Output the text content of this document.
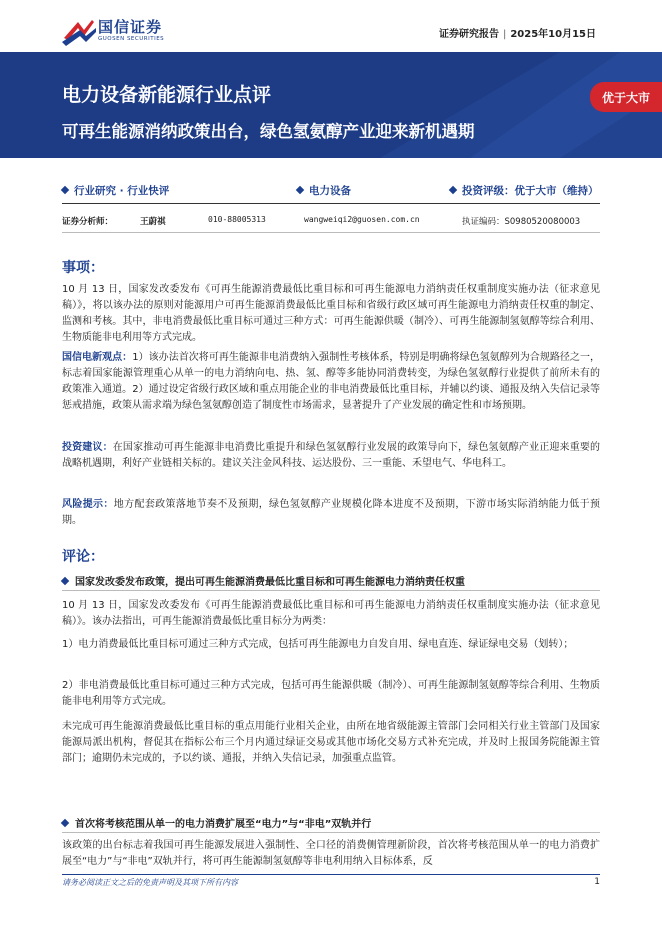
国信证券
GUOSEN SECURITIES	证券研究报告 | 2025年10月15日
电力设备新能源行业点评
可再生能源消纳政策出台，绿色氢氨醇产业迎来新机遇期
优于大市
行业研究 · 行业快评	电力设备	投资评级：优于大市（维持）
证券分析师：	王蔚祺	010-88005313	wangweiqi2@guosen.com.cn	执证编码：S0980520080003
事项：
10 月 13 日，国家发改委发布《可再生能源消费最低比重目标和可再生能源电力消纳责任权重制度实施办法（征求意见稿）》，将以该办法的原则对能源用户可再生能源消费最低比重目标和省级行政区域可再生能源电力消纳责任权重的制定、监测和考核。其中，非电消费最低比重目标可通过三种方式：可再生能源供暖（制冷）、可再生能源制氢氨醇等综合利用、生物质能非电利用等方式完成。
国信电新观点：1）该办法首次将可再生能源非电消费纳入强制性考核体系，特别是明确将绿色氢氨醇列为合规路径之一，标志着国家能源管理重心从单一的电力消纳向电、热、氢、醇等多能协同消费转变，为绿色氢氨醇行业提供了前所未有的政策准入通道。2）通过设定省级行政区域和重点用能企业的非电消费最低比重目标，并辅以约谈、通报及纳入失信记录等惩戒措施，政策从需求端为绿色氢氨醇创造了制度性市场需求，显著提升了产业发展的确定性和市场预期。
投资建议：在国家推动可再生能源非电消费比重提升和绿色氢氨醇行业发展的政策导向下，绿色氢氨醇产业正迎来重要的战略机遇期，利好产业链相关标的。建议关注金风科技、运达股份、三一重能、禾望电气、华电科工。
风险提示：地方配套政策落地节奏不及预期，绿色氢氨醇产业规模化降本进度不及预期，下游市场实际消纳能力低于预期。
评论：
国家发改委发布政策，提出可再生能源消费最低比重目标和可再生能源电力消纳责任权重
10 月 13 日，国家发改委发布《可再生能源消费最低比重目标和可再生能源电力消纳责任权重制度实施办法（征求意见稿）》。该办法指出，可再生能源消费最低比重目标分为两类：
1）电力消费最低比重目标可通过三种方式完成，包括可再生能源电力自发自用、绿电直连、绿证绿电交易（划转）；
2）非电消费最低比重目标可通过三种方式完成，包括可再生能源供暖（制冷）、可再生能源制氢氨醇等综合利用、生物质能非电利用等方式完成。
未完成可再生能源消费最低比重目标的重点用能行业相关企业，由所在地省级能源主管部门会同相关行业主管部门及国家能源局派出机构，督促其在指标公布三个月内通过绿证交易或其他市场化交易方式补充完成，并及时上报国务院能源主管部门；逾期仍未完成的，予以约谈、通报，并纳入失信记录，加强重点监管。
首次将考核范围从单一的电力消费扩展至“电力”与“非电”双轨并行
该政策的出台标志着我国可再生能源发展进入强制性、全口径的消费侧管理新阶段，首次将考核范围从单一的电力消费扩展至“电力”与“非电”双轨并行，将可再生能源制氢氨醇等非电利用纳入目标体系，反
请务必阅读正文之后的免责声明及其项下所有内容	1
